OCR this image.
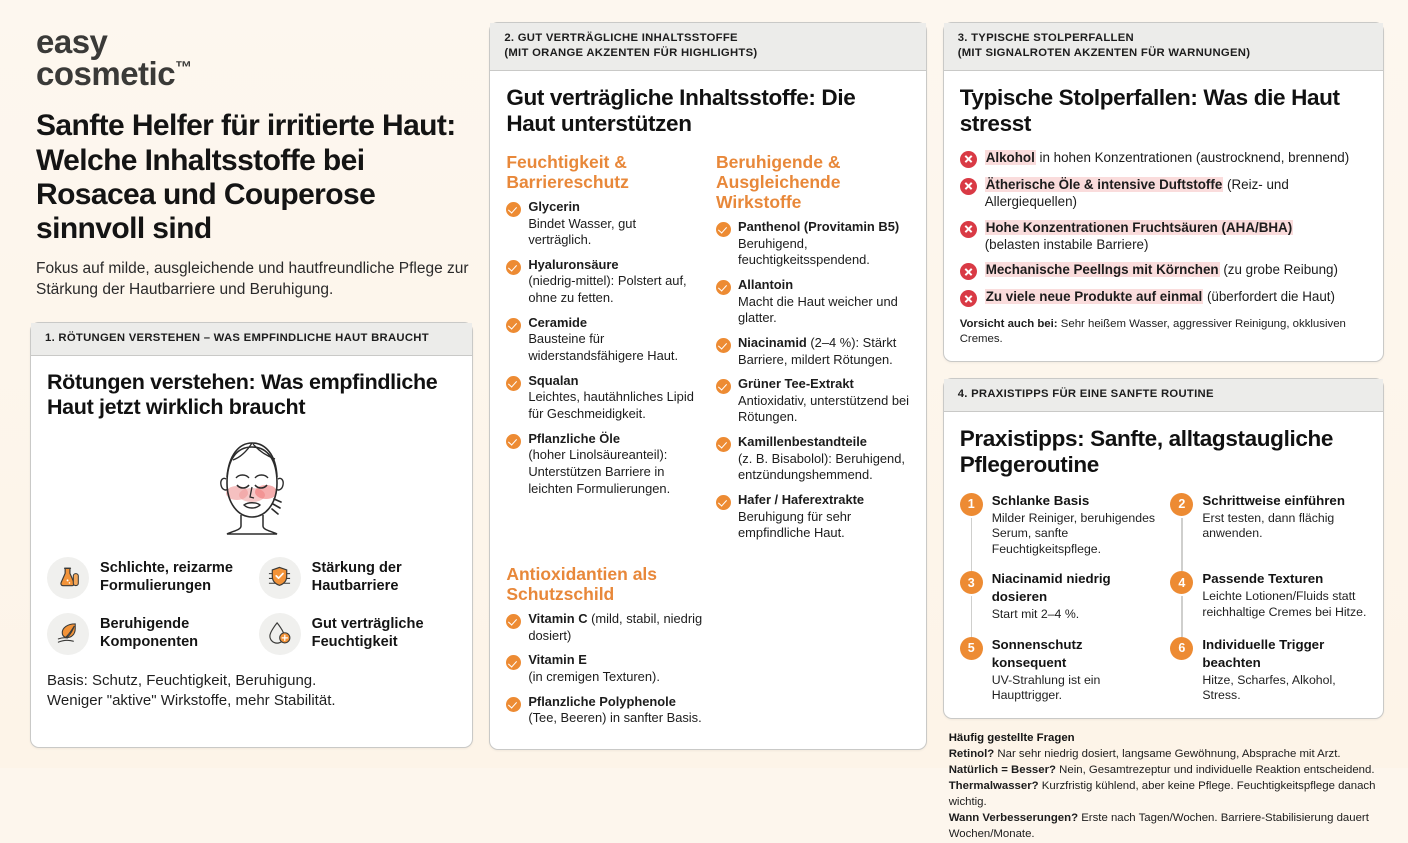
easy
cosmetic™
Sanfte Helfer für irritierte Haut: Welche Inhaltsstoffe bei Rosacea und Couperose sinnvoll sind

Fokus auf milde, ausgleichende und hautfreundliche Pflege zur Stärkung der Hautbarriere und Beruhigung.

1. RÖTUNGEN VERSTEHEN – WAS EMPFINDLICHE HAUT BRAUCHT
Rötungen verstehen: Was empfindliche Haut jetzt wirklich braucht
Schlichte, reizarme Formulierungen
Stärkung der Hautbarriere
Beruhigende Komponenten
Gut verträgliche Feuchtigkeit
Basis: Schutz, Feuchtigkeit, Beruhigung.
Weniger "aktive" Wirkstoffe, mehr Stabilität.
2. GUT VERTRÄGLICHE INHALTSSTOFFE
(MIT ORANGE AKZENTEN FÜR HIGHLIGHTS)
Gut verträgliche Inhaltsstoffe: Die Haut unterstützen
Feuchtigkeit & Barriereschutz
Glycerin
Bindet Wasser, gut verträglich.
Hyaluronsäure
(niedrig-mittel): Polstert auf, ohne zu fetten.
Ceramide
Bausteine für widerstandsfähigere Haut.
Squalan
Leichtes, hautähnliches Lipid für Geschmeidigkeit.
Pflanzliche Öle
(hoher Linolsäureanteil): Unterstützen Barriere in leichten Formulierungen.
Beruhigende & Ausgleichende Wirkstoffe
Panthenol (Provitamin B5)
Beruhigend, feuchtigkeitsspendend.
Allantoin
Macht die Haut weicher und glatter.
Niacinamid (2–4 %): Stärkt Barriere, mildert Rötungen.
Grüner Tee-Extrakt
Antioxidativ, unterstützend bei Rötungen.
Kamillenbestandteile
(z. B. Bisabolol): Beruhigend, entzündungshemmend.
Hafer / Haferextrakte
Beruhigung für sehr empfindliche Haut.
Antioxidantien als Schutzschild
Vitamin C (mild, stabil, niedrig dosiert)
Vitamin E
(in cremigen Texturen).
Pflanzliche Polyphenole
(Tee, Beeren) in sanfter Basis.
3. TYPISCHE STOLPERFALLEN
(MIT SIGNALROTEN AKZENTEN FÜR WARNUNGEN)
Typische Stolperfallen: Was die Haut stresst
Alkohol in hohen Konzentrationen (austrocknend, brennend)
Ätherische Öle & intensive Duftstoffe (Reiz- und Allergiequellen)
Hohe Konzentrationen Fruchtsäuren (AHA/BHA)
(belasten instabile Barriere)
Mechanische Peellngs mit Körnchen (zu grobe Reibung)
Zu viele neue Produkte auf einmal (überfordert die Haut)
Vorsicht auch bei: Sehr heißem Wasser, aggressiver Reinigung, okklusiven Cremes.
4. PRAXISTIPPS FÜR EINE SANFTE ROUTINE
Praxistipps: Sanfte, alltagstaugliche Pflegeroutine
1	Schlanke Basis
Milder Reiniger, beruhigendes Serum, sanfte Feuchtigkeitspflege.
2	Schrittweise einführen
Erst testen, dann flächig anwenden.
3	Niacinamid niedrig dosieren
Start mit 2–4 %.
4	Passende Texturen
Leichte Lotionen/Fluids statt reichhaltige Cremes bei Hitze.
5	Sonnenschutz konsequent
UV-Strahlung ist ein Haupttrigger.
6	Individuelle Trigger beachten
Hitze, Scharfes, Alkohol, Stress.
Häufig gestellte Fragen
Retinol? Nar sehr niedrig dosiert, langsame Gewöhnung, Absprache mit Arzt.
Natürlich = Besser? Nein, Gesamtrezeptur und individuelle Reaktion entscheidend.
Thermalwasser? Kurzfristig kühlend, aber keine Pflege. Feuchtigkeitspflege danach wichtig.
Wann Verbesserungen? Erste nach Tagen/Wochen. Barriere-Stabilisierung dauert Wochen/Monate.
